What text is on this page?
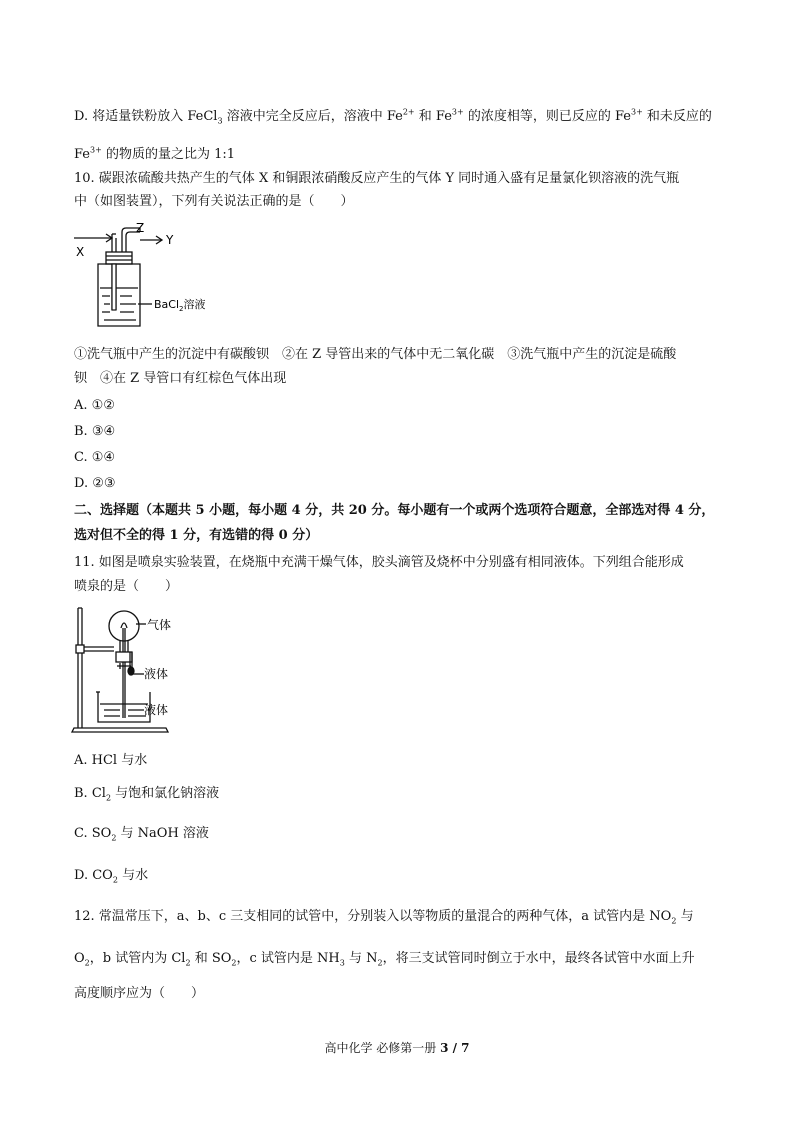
D. 将适量铁粉放入 FeCl$_3$ 溶液中完全反应后，溶液中 $Fe^{2+}$ 和 $Fe^{3+}$ 的浓度相等，则已反应的 $Fe^{3+}$ 和未反应的
$Fe^{3+}$ 的物质的量之比为 1:1
10. 碳跟浓硫酸共热产生的气体 X 和铜跟浓硝酸反应产生的气体 Y 同时通入盛有足量氯化钡溶液的洗气瓶
中（如图装置），下列有关说法正确的是（　　）
X
Z
Y
BaCl$_2$溶液
①洗气瓶中产生的沉淀中有碳酸钡　②在 Z 导管出来的气体中无二氧化碳　③洗气瓶中产生的沉淀是硫酸
钡　④在 Z 导管口有红棕色气体出现
A. ①②
B. ③④
C. ①④
D. ②③
二、选择题（本题共 5 小题，每小题 4 分，共 20 分。每小题有一个或两个选项符合题意，全部选对得 4 分，
选对但不全的得 1 分，有选错的得 0 分）
11. 如图是喷泉实验装置，在烧瓶中充满干燥气体，胶头滴管及烧杯中分别盛有相同液体。下列组合能形成
喷泉的是（　　）
气体
液体
液体
A. HCl 与水
B. $Cl_2$ 与饱和氯化钠溶液
C. $SO_2$ 与 NaOH 溶液
D. $CO_2$ 与水
12. 常温常压下，a、b、c 三支相同的试管中，分别装入以等物质的量混合的两种气体，a 试管内是 $NO_2$ 与
$O_2$，b 试管内为 $Cl_2$ 和 $SO_2$，c 试管内是 $NH_3$ 与 $N_2$，将三支试管同时倒立于水中，最终各试管中水面上升
高度顺序应为（　　）
高中化学 必修第一册 3 / 7
